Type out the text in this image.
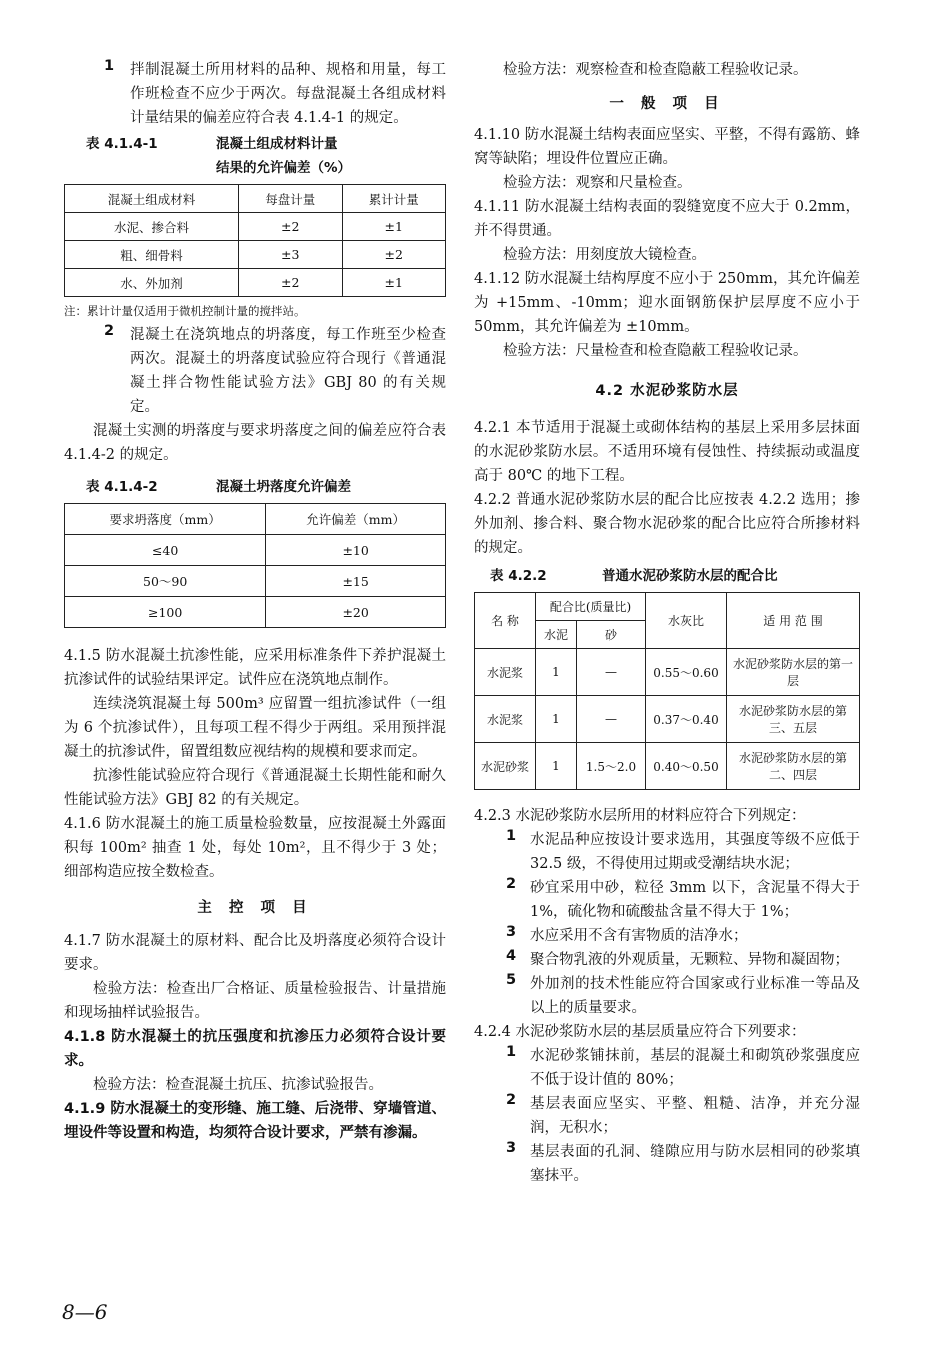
1 拌制混凝土所用材料的品种、规格和用量，每工作班检查不应少于两次。每盘混凝土各组成材料计量结果的偏差应符合表 4.1.4-1 的规定。

表 4.1.4-1	混凝土组成材料计量
结果的允许偏差（%）
混凝土组成材料	每盘计量	累计计量
水泥、掺合料	±2	±1
粗、细骨料	±3	±2
水、外加剂	±2	±1

注：累计计量仅适用于微机控制计量的搅拌站。

2 混凝土在浇筑地点的坍落度，每工作班至少检查两次。混凝土的坍落度试验应符合现行《普通混凝土拌合物性能试验方法》GBJ 80 的有关规定。

混凝土实测的坍落度与要求坍落度之间的偏差应符合表 4.1.4-2 的规定。

表 4.1.4-2	混凝土坍落度允许偏差
要求坍落度（mm）	允许偏差（mm）
≤40	±10
50～90	±15
≥100	±20

4.1.5 防水混凝土抗渗性能，应采用标准条件下养护混凝土抗渗试件的试验结果评定。试件应在浇筑地点制作。

连续浇筑混凝土每 500m³ 应留置一组抗渗试件（一组为 6 个抗渗试件），且每项工程不得少于两组。采用预拌混凝土的抗渗试件，留置组数应视结构的规模和要求而定。

抗渗性能试验应符合现行《普通混凝土长期性能和耐久性能试验方法》GBJ 82 的有关规定。

4.1.6 防水混凝土的施工质量检验数量，应按混凝土外露面积每 100m² 抽查 1 处，每处 10m²，且不得少于 3 处；细部构造应按全数检查。

主 控 项 目

4.1.7 防水混凝土的原材料、配合比及坍落度必须符合设计要求。

检验方法：检查出厂合格证、质量检验报告、计量措施和现场抽样试验报告。

4.1.8 防水混凝土的抗压强度和抗渗压力必须符合设计要求。

检验方法：检查混凝土抗压、抗渗试验报告。

4.1.9 防水混凝土的变形缝、施工缝、后浇带、穿墙管道、埋设件等设置和构造，均须符合设计要求，严禁有渗漏。

检验方法：观察检查和检查隐蔽工程验收记录。

一 般 项 目

4.1.10 防水混凝土结构表面应坚实、平整，不得有露筋、蜂窝等缺陷；埋设件位置应正确。

检验方法：观察和尺量检查。

4.1.11 防水混凝土结构表面的裂缝宽度不应大于 0.2mm，并不得贯通。

检验方法：用刻度放大镜检查。

4.1.12 防水混凝土结构厚度不应小于 250mm，其允许偏差为 +15mm、-10mm；迎水面钢筋保护层厚度不应小于 50mm，其允许偏差为 ±10mm。

检验方法：尺量检查和检查隐蔽工程验收记录。

4.2 水泥砂浆防水层

4.2.1 本节适用于混凝土或砌体结构的基层上采用多层抹面的水泥砂浆防水层。不适用环境有侵蚀性、持续振动或温度高于 80℃ 的地下工程。

4.2.2 普通水泥砂浆防水层的配合比应按表 4.2.2 选用；掺外加剂、掺合料、聚合物水泥砂浆的配合比应符合所掺材料的规定。

表 4.2.2	普通水泥砂浆防水层的配合比
名 称	配合比(质量比)		水灰比	适 用 范 围
	水泥	砂		
水泥浆	1	—	0.55～0.60	水泥砂浆防水层的第一层
水泥浆	1	—	0.37～0.40	水泥砂浆防水层的第三、五层
水泥砂浆	1	1.5～2.0	0.40～0.50	水泥砂浆防水层的第二、四层

4.2.3 水泥砂浆防水层所用的材料应符合下列规定：

1 水泥品种应按设计要求选用，其强度等级不应低于 32.5 级，不得使用过期或受潮结块水泥；

2 砂宜采用中砂，粒径 3mm 以下，含泥量不得大于 1%，硫化物和硫酸盐含量不得大于 1%；

3 水应采用不含有害物质的洁净水；

4 聚合物乳液的外观质量，无颗粒、异物和凝固物；

5 外加剂的技术性能应符合国家或行业标准一等品及以上的质量要求。

4.2.4 水泥砂浆防水层的基层质量应符合下列要求：

1 水泥砂浆铺抹前，基层的混凝土和砌筑砂浆强度应不低于设计值的 80%；

2 基层表面应坚实、平整、粗糙、洁净，并充分湿润，无积水；

3 基层表面的孔洞、缝隙应用与防水层相同的砂浆填塞抹平。

8—6
